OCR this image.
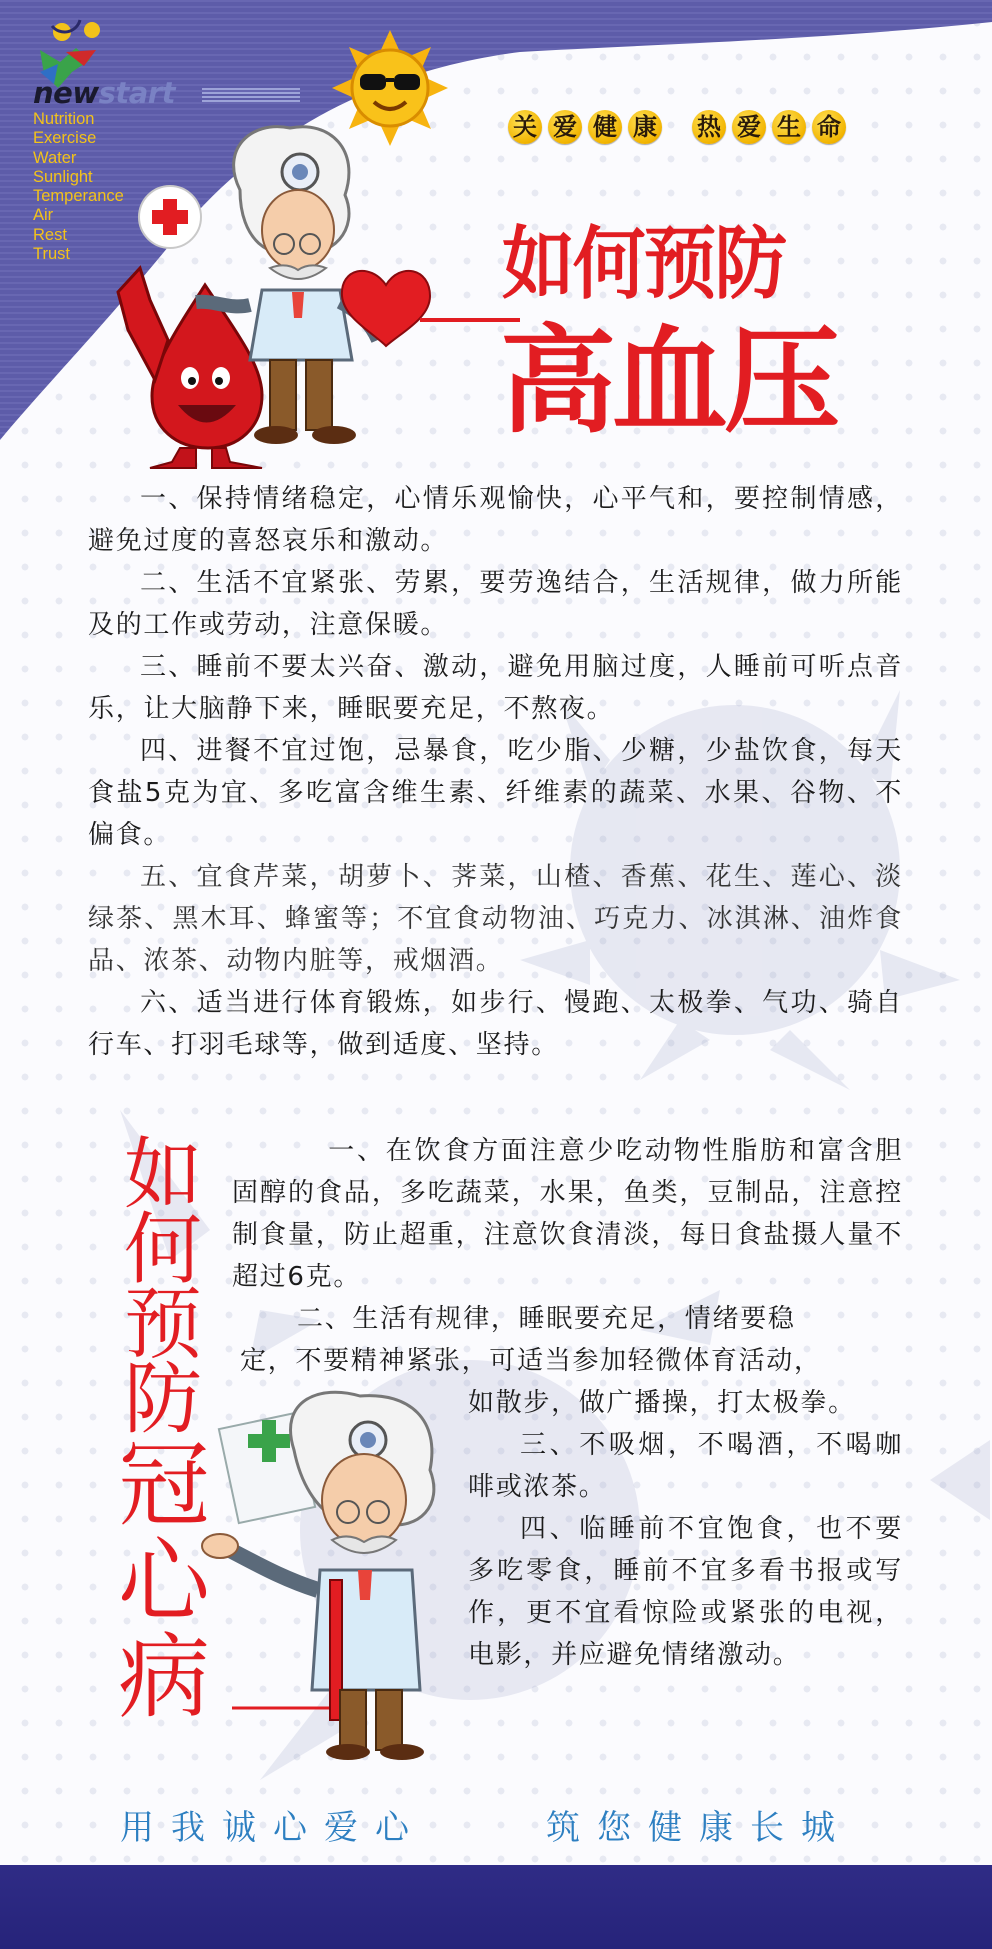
newstart
Nutrition
Exercise
Water
Sunlight
Temperance
Air
Rest
Trust
关 爱 健 康 热 爱 生 命
如何预防
高血压

一、保持情绪稳定，心情乐观愉快，心平气和，要控制情感，避免过度的喜怒哀乐和激动。

二、生活不宜紧张、劳累，要劳逸结合，生活规律，做力所能及的工作或劳动，注意保暖。

三、睡前不要太兴奋、激动，避免用脑过度，人睡前可听点音乐，让大脑静下来，睡眠要充足，不熬夜。

四、进餐不宜过饱，忌暴食，吃少脂、少糖，少盐饮食，每天食盐5克为宜、多吃富含维生素、纤维素的蔬菜、水果、谷物、不偏食。

五、宜食芹菜，胡萝卜、荠菜，山楂、香蕉、花生、莲心、淡绿茶、黑木耳、蜂蜜等；不宜食动物油、巧克力、冰淇淋、油炸食品、浓茶、动物内脏等，戒烟酒。

六、适当进行体育锻炼，如步行、慢跑、太极拳、气功、骑自行车、打羽毛球等，做到适度、坚持。

如
何
预
防
冠
心
病

一、在饮食方面注意少吃动物性脂肪和富含胆固醇的食品，多吃蔬菜，水果，鱼类，豆制品，注意控制食量，防止超重，注意饮食清淡，每日食盐摄人量不超过6克。

二、生活有规律，睡眠要充足，情绪要稳

定，不要精神紧张，可适当参加轻微体育活动，

如散步，做广播操，打太极拳。

三、不吸烟，不喝酒，不喝咖啡或浓茶。

四、临睡前不宜饱食，也不要多吃零食，睡前不宜多看书报或写作，更不宜看惊险或紧张的电视，电影，并应避免情绪激动。

用我诚心爱心	筑您健康长城
